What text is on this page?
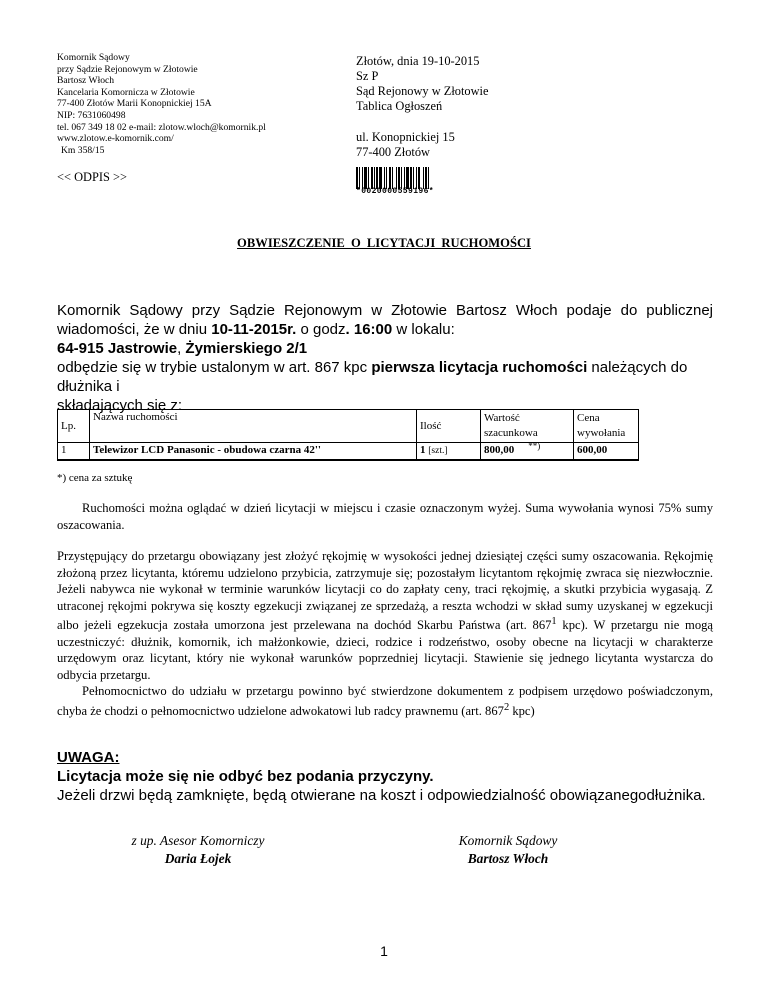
Komornik Sądowy
przy Sądzie Rejonowym w Złotowie
Bartosz Włoch
Kancelaria Komornicza w Złotowie
77-400 Złotów Marii Konopnickiej 15A
NIP: 7631060498
tel. 067 349 18 02 e-mail: zlotow.wloch@komornik.pl
www.zlotow.e-komornik.com/
Km 358/15
Złotów, dnia 19-10-2015
Sz P
Sąd Rejonowy w Złotowie
Tablica Ogłoszeń
ul. Konopnickiej 15
77-400 Złotów
<< ODPIS >>
*0020000559196*
OBWIESZCZENIE O LICYTACJI RUCHOMOŚCI

Komornik Sądowy przy Sądzie Rejonowym w Złotowie Bartosz Włoch podaje do publicznej

wiadomości, że w dniu 10-11-2015r. o godz. 16:00 w lokalu:

64-915 Jastrowie, Żymierskiego 2/1

odbędzie się w trybie ustalonym w art. 867 kpc pierwsza licytacja ruchomości należących do dłużnika i

składających się z:

Lp.	Nazwa ruchomości	Ilość	Wartość szacunkowa	Cena wywołania
1	Telewizor LCD Panasonic - obudowa czarna 42''	1 [szt.]	800,00 **)	600,00
*) cena za sztukę

Ruchomości można oglądać w dzień licytacji w miejscu i czasie oznaczonym wyżej. Suma wywołania wynosi 75% sumy oszacowania.

Przystępujący do przetargu obowiązany jest złożyć rękojmię w wysokości jednej dziesiątej części sumy oszacowania. Rękojmię złożoną przez licytanta, któremu udzielono przybicia, zatrzymuje się; pozostałym licytantom rękojmię zwraca się niezwłocznie. Jeżeli nabywca nie wykonał w terminie warunków licytacji co do zapłaty ceny, traci rękojmię, a skutki przybicia wygasają. Z utraconej rękojmi pokrywa się koszty egzekucji związanej ze sprzedażą, a reszta wchodzi w skład sumy uzyskanej w egzekucji albo jeżeli egzekucja została umorzona jest przelewana na dochód Skarbu Państwa (art. $867^1$ kpc). W przetargu nie mogą uczestniczyć: dłużnik, komornik, ich małżonkowie, dzieci, rodzice i rodzeństwo, osoby obecne na licytacji w charakterze urzędowym oraz licytant, który nie wykonał warunków poprzedniej licytacji. Stawienie się jednego licytanta wystarcza do odbycia przetargu.

Pełnomocnictwo do udziału w przetargu powinno być stwierdzone dokumentem z podpisem urzędowo poświadczonym, chyba że chodzi o pełnomocnictwo udzielone adwokatowi lub radcy prawnemu (art. $867^2$ kpc)

UWAGA:
Licytacja może się nie odbyć bez podania przyczyny.
Jeżeli drzwi będą zamknięte, będą otwierane na koszt i odpowiedzialność obowiązanegodłużnika.
z up. Asesor Komorniczy
Daria Łojek
Komornik Sądowy
Bartosz Włoch
1
